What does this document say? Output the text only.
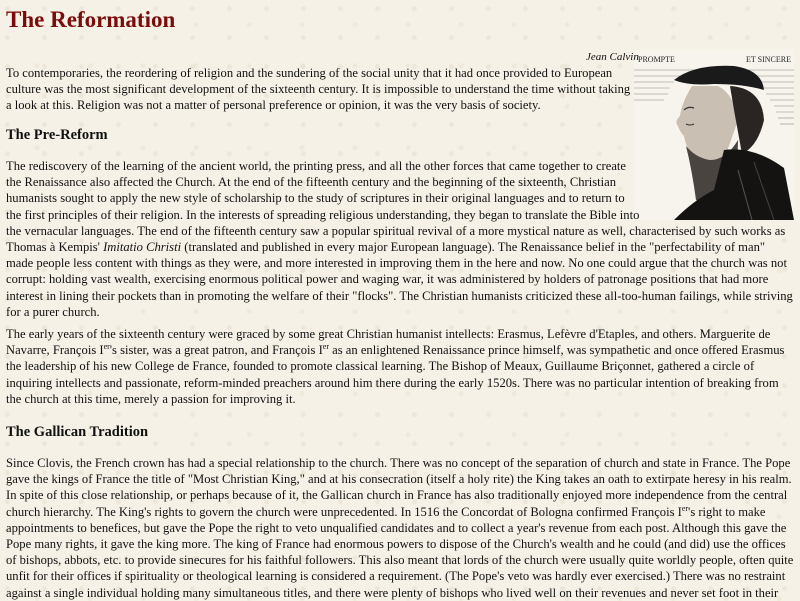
The Reformation
Jean Calvin PROMPTE	ET SINCERE

To contemporaries, the reordering of religion and the sundering of the social unity that it had once provided to European culture was the most significant development of the sixteenth century. It is impossible to understand the time without taking a look at this. Religion was not a matter of personal preference or opinion, it was the very basis of society.

The Pre-Reform

The rediscovery of the learning of the ancient world, the printing press, and all the other forces that came together to create
the Renaissance also affected the Church. At the end of the fifteenth century and the beginning of the sixteenth, Christian
humanists sought to apply the new style of scholarship to the study of scriptures in their original languages and to return to
the first principles of their religion. In the interests of spreading religious understanding, they began to translate the Bible into
the vernacular languages. The end of the fifteenth century saw a popular spiritual revival of a more mystical nature as well, characterised by such works as Thomas à Kempis' Imitatio Christi (translated and published in every major European language). The Renaissance belief in the "perfectability of man" made people less content with things as they were, and more interested in improving them in the here and now. No one could argue that the church was not corrupt: holding vast wealth, exercising enormous political power and waging war, it was administered by holders of patronage positions that had more interest in lining their pockets than in promoting the welfare of their "flocks". The Christian humanists criticized these all-too-human failings, while striving for a purer church.

The early years of the sixteenth century were graced by some great Christian humanist intellects: Erasmus, Lefèvre d'Etaples, and others. Marguerite de Navarre, François Ier's sister, was a great patron, and François Ier as an enlightened Renaissance prince himself, was sympathetic and once offered Erasmus the leadership of his new College de France, founded to promote classical learning. The Bishop of Meaux, Guillaume Briçonnet, gathered a circle of inquiring intellects and passionate, reform-minded preachers around him there during the early 1520s. There was no particular intention of breaking from the church at this time, merely a passion for improving it.

The Gallican Tradition

Since Clovis, the French crown has had a special relationship to the church. There was no concept of the separation of church and state in France. The Pope gave the kings of France the title of "Most Christian King," and at his consecration (itself a holy rite) the King takes an oath to extirpate heresy in his realm. In spite of this close relationship, or perhaps because of it, the Gallican church in France has also traditionally enjoyed more independence from the central church hierarchy. The King's rights to govern the church were unprecedented. In 1516 the Concordat of Bologna confirmed François Ier's right to make appointments to benefices, but gave the Pope the right to veto unqualified candidates and to collect a year's revenue from each post. Although this gave the Pope many rights, it gave the king more. The king of France had enormous powers to dispose of the Church's wealth and he could (and did) use the offices of bishops, abbots, etc. to provide sinecures for his faithful followers. This also meant that lords of the church were usually quite worldly people, often quite unfit for their offices if spirituality or theological learning is considered a requirement. (The Pope's veto was hardly ever exercised.) There was no restraint against a single individual holding many simultaneous titles, and there were plenty of bishops who lived well on their revenues and never set foot in their
